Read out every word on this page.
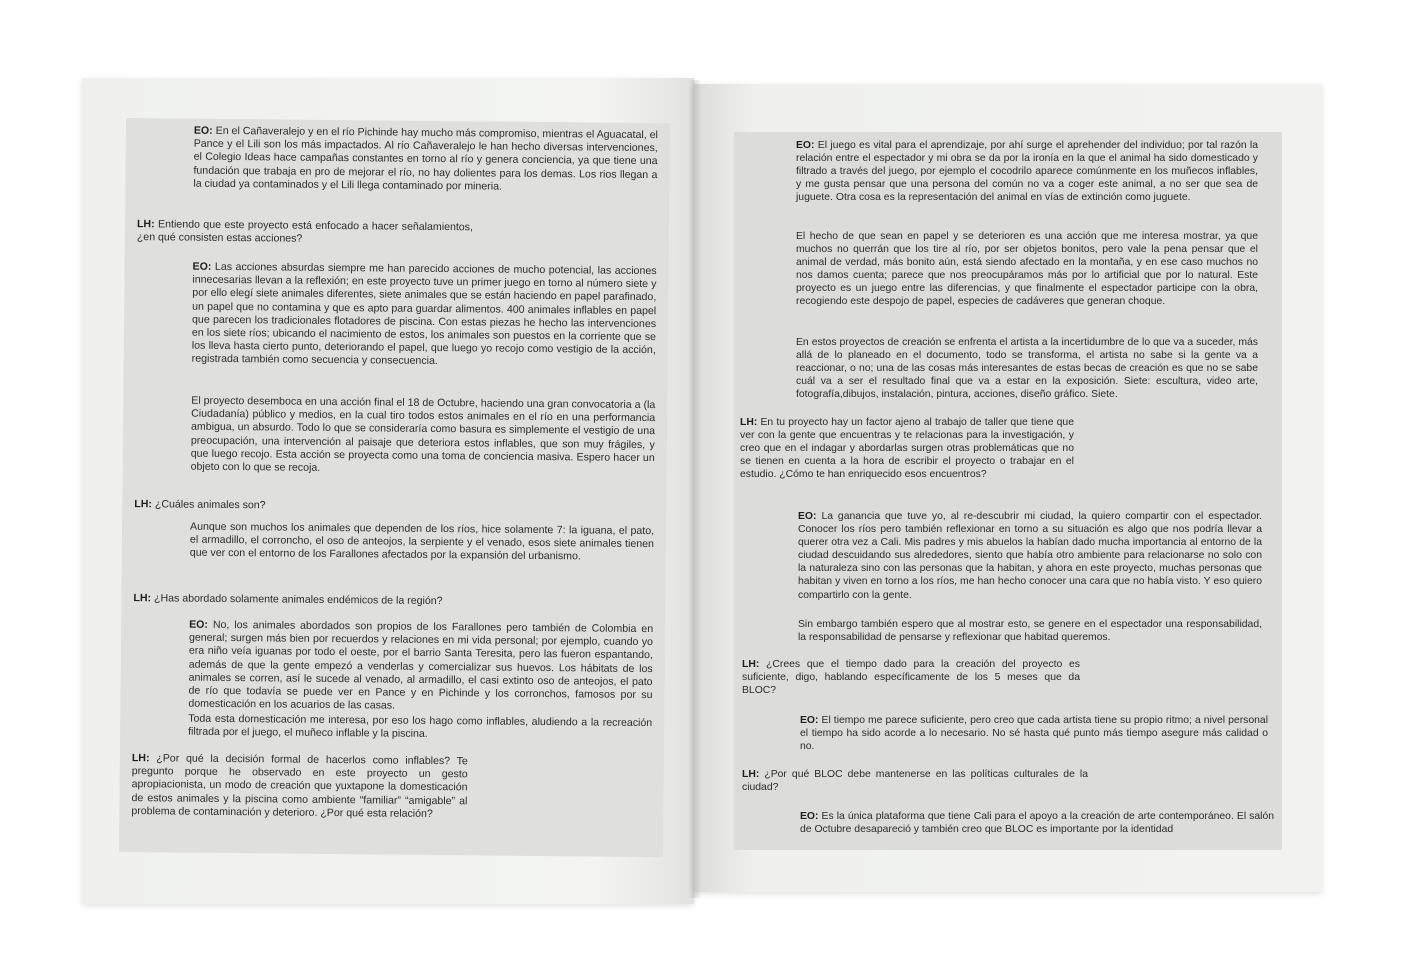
EO: En el Cañaveralejo y en el río Pichinde hay mucho más compromiso, mientras el Aguacatal, el Pance y el Lili son los más impactados. Al río Cañaveralejo le han hecho diversas intervenciones, el Colegio Ideas hace campañas constantes en torno al río y genera conciencia, ya que tiene una fundación que trabaja en pro de mejorar el río, no hay dolientes para los demas. Los rios llegan a la ciudad ya contaminados y el Lili llega contaminado por mineria.

LH: Entiendo que este proyecto está enfocado a hacer señalamientos, ¿en qué consisten estas acciones?

EO: Las acciones absurdas siempre me han parecido acciones de mucho potencial, las acciones innecesarias llevan a la reflexión; en este proyecto tuve un primer juego en torno al número siete y por ello elegí siete animales diferentes, siete animales que se están haciendo en papel parafinado, un papel que no contamina y que es apto para guardar alimentos. 400 animales inflables en papel que parecen los tradicionales flotadores de piscina. Con estas piezas he hecho las intervenciones en los siete ríos; ubicando el nacimiento de estos, los animales son puestos en la corriente que se los lleva hasta cierto punto, deteriorando el papel, que luego yo recojo como vestigio de la acción, registrada también como secuencia y consecuencia.

El proyecto desemboca en una acción final el 18 de Octubre, haciendo una gran convocatoria a (la Ciudadanía) público y medios, en la cual tiro todos estos animales en el río en una performancia ambigua, un absurdo. Todo lo que se consideraría como basura es simplemente el vestigio de una preocupación, una intervención al paisaje que deteriora estos inflables, que son muy frágiles, y que luego recojo. Esta acción se proyecta como una toma de conciencia masiva. Espero hacer un objeto con lo que se recoja.

LH: ¿Cuáles animales son?

Aunque son muchos los animales que dependen de los ríos, hice solamente 7: la iguana, el pato, el armadillo, el corroncho, el oso de anteojos, la serpiente y el venado, esos siete animales tienen que ver con el entorno de los Farallones afectados por la expansión del urbanismo.

LH: ¿Has abordado solamente animales endémicos de la región?

EO: No, los animales abordados son propios de los Farallones pero también de Colombia en general; surgen más bien por recuerdos y relaciones en mi vida personal; por ejemplo, cuando yo era niño veía iguanas por todo el oeste, por el barrio Santa Teresita, pero las fueron espantando, además de que la gente empezó a venderlas y comercializar sus huevos. Los hábitats de los animales se corren, así le sucede al venado, al armadillo, el casi extinto oso de anteojos, el pato de río que todavía se puede ver en Pance y en Pichinde y los corronchos, famosos por su domesticación en los acuarios de las casas.

Toda esta domesticación me interesa, por eso los hago como inflables, aludiendo a la recreación filtrada por el juego, el muñeco inflable y la piscina.

LH: ¿Por qué la decisión formal de hacerlos como inflables? Te pregunto porque he observado en este proyecto un gesto apropiacionista, un modo de creación que yuxtapone la domesticación de estos animales y la piscina como ambiente “familiar” “amigable” al problema de contaminación y deterioro. ¿Por qué esta relación?

EO: El juego es vital para el aprendizaje, por ahí surge el aprehender del individuo; por tal razón la relación entre el espectador y mi obra se da por la ironía en la que el animal ha sido domesticado y filtrado a través del juego, por ejemplo el cocodrilo aparece comúnmente en los muñecos inflables, y me gusta pensar que una persona del común no va a coger este animal, a no ser que sea de juguete. Otra cosa es la representación del animal en vías de extinción como juguete.

El hecho de que sean en papel y se deterioren es una acción que me interesa mostrar, ya que muchos no querrán que los tire al río, por ser objetos bonitos, pero vale la pena pensar que el animal de verdad, más bonito aún, está siendo afectado en la montaña, y en ese caso muchos no nos damos cuenta; parece que nos preocupáramos más por lo artificial que por lo natural. Este proyecto es un juego entre las diferencias, y que finalmente el espectador participe con la obra, recogiendo este despojo de papel, especies de cadáveres que generan choque.

En estos proyectos de creación se enfrenta el artista a la incertidumbre de lo que va a suceder, más allá de lo planeado en el documento, todo se transforma, el artista no sabe si la gente va a reaccionar, o no; una de las cosas más interesantes de estas becas de creación es que no se sabe cuál va a ser el resultado final que va a estar en la exposición. Siete: escultura, video arte, fotografía,dibujos, instalación, pintura, acciones, diseño gráfico. Siete.

LH: En tu proyecto hay un factor ajeno al trabajo de taller que tiene que ver con la gente que encuentras y te relacionas para la investigación, y creo que en el indagar y abordarlas surgen otras problemáticas que no se tienen en cuenta a la hora de escribir el proyecto o trabajar en el estudio. ¿Cómo te han enriquecido esos encuentros?

EO: La ganancia que tuve yo, al re-descubrir mi ciudad, la quiero compartir con el espectador. Conocer los ríos pero también reflexionar en torno a su situación es algo que nos podría llevar a querer otra vez a Cali. Mis padres y mis abuelos la habían dado mucha importancia al entorno de la ciudad descuidando sus alrededores, siento que había otro ambiente para relacionarse no solo con la naturaleza sino con las personas que la habitan, y ahora en este proyecto, muchas personas que habitan y viven en torno a los ríos, me han hecho conocer una cara que no había visto. Y eso quiero compartirlo con la gente.

Sin embargo también espero que al mostrar esto, se genere en el espectador una responsabilidad, la responsabilidad de pensarse y reflexionar que habitad queremos.

LH: ¿Crees que el tiempo dado para la creación del proyecto es suficiente, digo, hablando específicamente de los 5 meses que da BLOC?

EO: El tiempo me parece suficiente, pero creo que cada artista tiene su propio ritmo; a nivel personal el tiempo ha sido acorde a lo necesario. No sé hasta qué punto más tiempo asegure más calidad o no.

LH: ¿Por qué BLOC debe mantenerse en las políticas culturales de la ciudad?

EO: Es la única plataforma que tiene Cali para el apoyo a la creación de arte contemporáneo. El salón de Octubre desapareció y también creo que BLOC es importante por la identidad
